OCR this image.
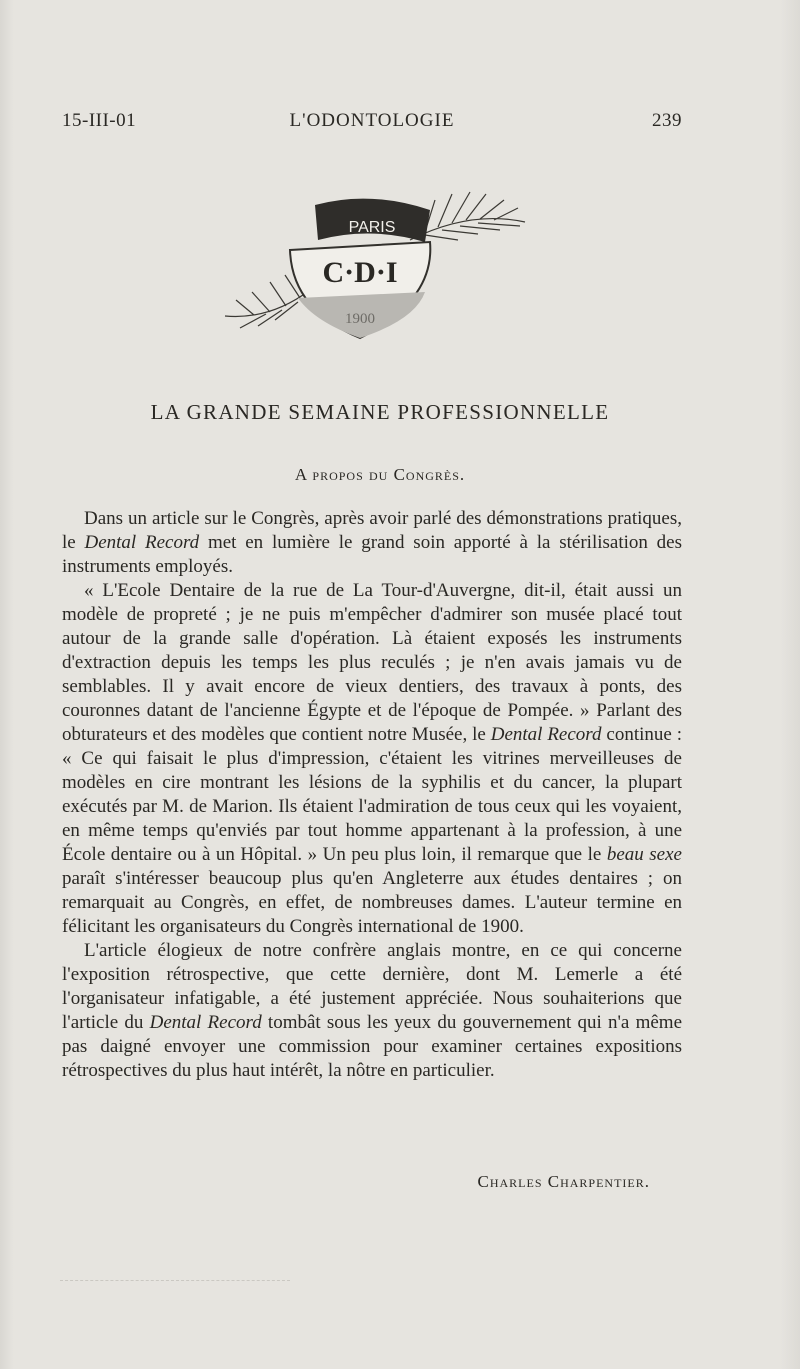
15-III-01	L'ODONTOLOGIE	239
PARIS
C·D·I
1900
LA GRANDE SEMAINE PROFESSIONNELLE
A propos du Congrès.

Dans un article sur le Congrès, après avoir parlé des démonstrations pratiques, le Dental Record met en lumière le grand soin apporté à la stérilisation des instruments employés.

« L'Ecole Dentaire de la rue de La Tour-d'Auvergne, dit-il, était aussi un modèle de propreté ; je ne puis m'empêcher d'admirer son musée placé tout autour de la grande salle d'opération. Là étaient exposés les instruments d'extraction depuis les temps les plus reculés ; je n'en avais jamais vu de semblables. Il y avait encore de vieux dentiers, des travaux à ponts, des couronnes datant de l'ancienne Égypte et de l'époque de Pompée. » Parlant des obturateurs et des modèles que contient notre Musée, le Dental Record continue : « Ce qui faisait le plus d'impression, c'étaient les vitrines merveilleuses de modèles en cire montrant les lésions de la syphilis et du cancer, la plupart exécutés par M. de Marion. Ils étaient l'admiration de tous ceux qui les voyaient, en même temps qu'enviés par tout homme appartenant à la profession, à une École dentaire ou à un Hôpital. » Un peu plus loin, il remarque que le beau sexe paraît s'intéresser beaucoup plus qu'en Angleterre aux études dentaires ; on remarquait au Congrès, en effet, de nombreuses dames. L'auteur termine en félicitant les organisateurs du Congrès international de 1900.

L'article élogieux de notre confrère anglais montre, en ce qui concerne l'exposition rétrospective, que cette dernière, dont M. Lemerle a été l'organisateur infatigable, a été justement appréciée. Nous souhaiterions que l'article du Dental Record tombât sous les yeux du gouvernement qui n'a même pas daigné envoyer une commission pour examiner certaines expositions rétrospectives du plus haut intérêt, la nôtre en particulier.

Charles Charpentier.
